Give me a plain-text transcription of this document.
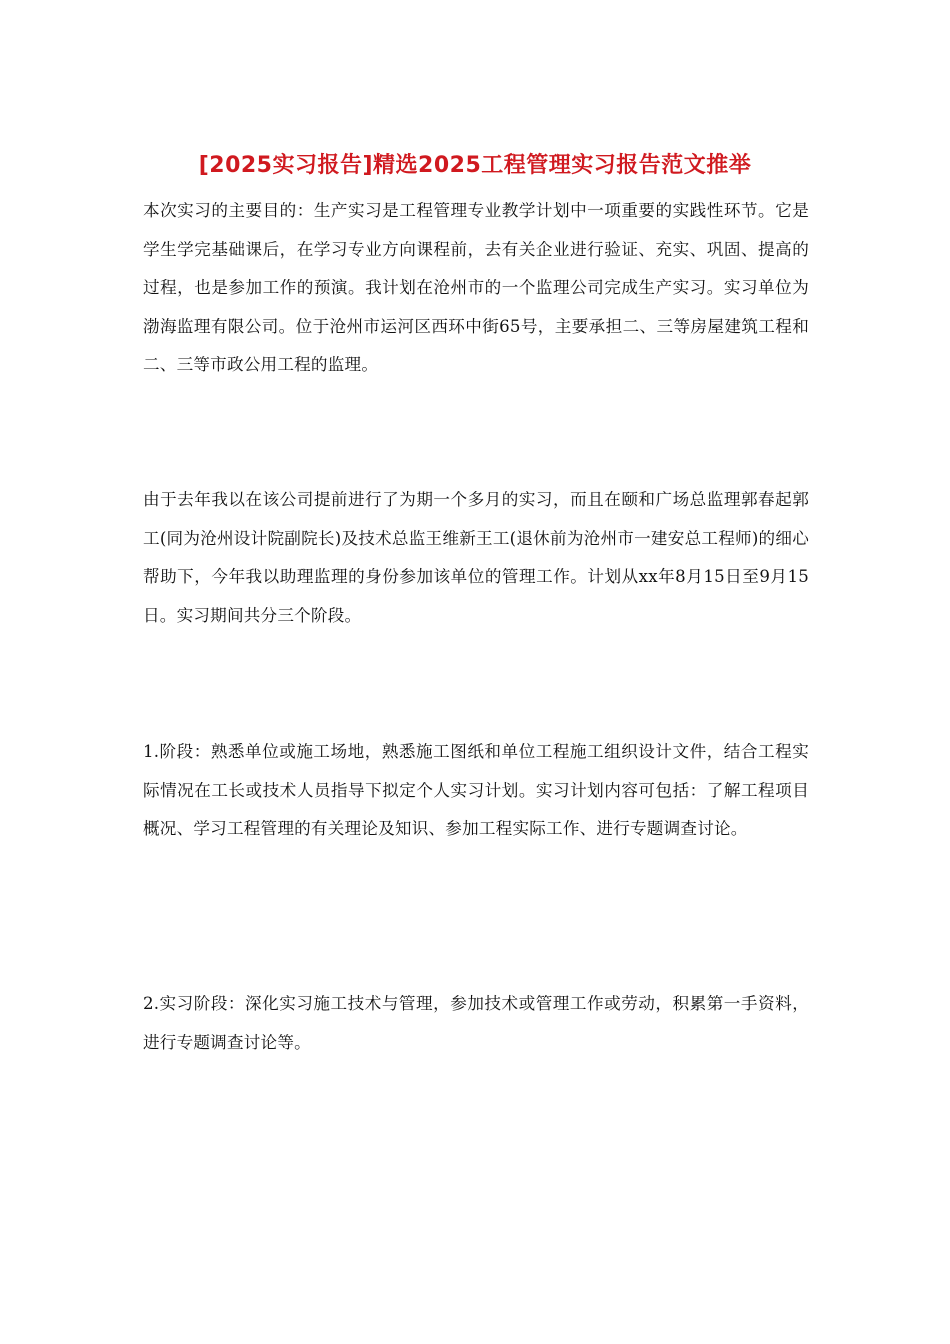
[2025实习报告]精选2025工程管理实习报告范文推举
本次实习的主要目的：生产实习是工程管理专业教学计划中一项重要的实践性环节。它是学生学完基础课后，在学习专业方向课程前，去有关企业进行验证、充实、巩固、提高的过程，也是参加工作的预演。我计划在沧州市的一个监理公司完成生产实习。实习单位为渤海监理有限公司。位于沧州市运河区西环中街65号，主要承担二、三等房屋建筑工程和二、三等市政公用工程的监理。
由于去年我以在该公司提前进行了为期一个多月的实习，而且在颐和广场总监理郭春起郭工(同为沧州设计院副院长)及技术总监王维新王工(退休前为沧州市一建安总工程师)的细心帮助下，今年我以助理监理的身份参加该单位的管理工作。计划从xx年8月15日至9月15日。实习期间共分三个阶段。
1.阶段：熟悉单位或施工场地，熟悉施工图纸和单位工程施工组织设计文件，结合工程实际情况在工长或技术人员指导下拟定个人实习计划。实习计划内容可包括：了解工程项目概况、学习工程管理的有关理论及知识、参加工程实际工作、进行专题调查讨论。
2.实习阶段：深化实习施工技术与管理，参加技术或管理工作或劳动，积累第一手资料，进行专题调查讨论等。
